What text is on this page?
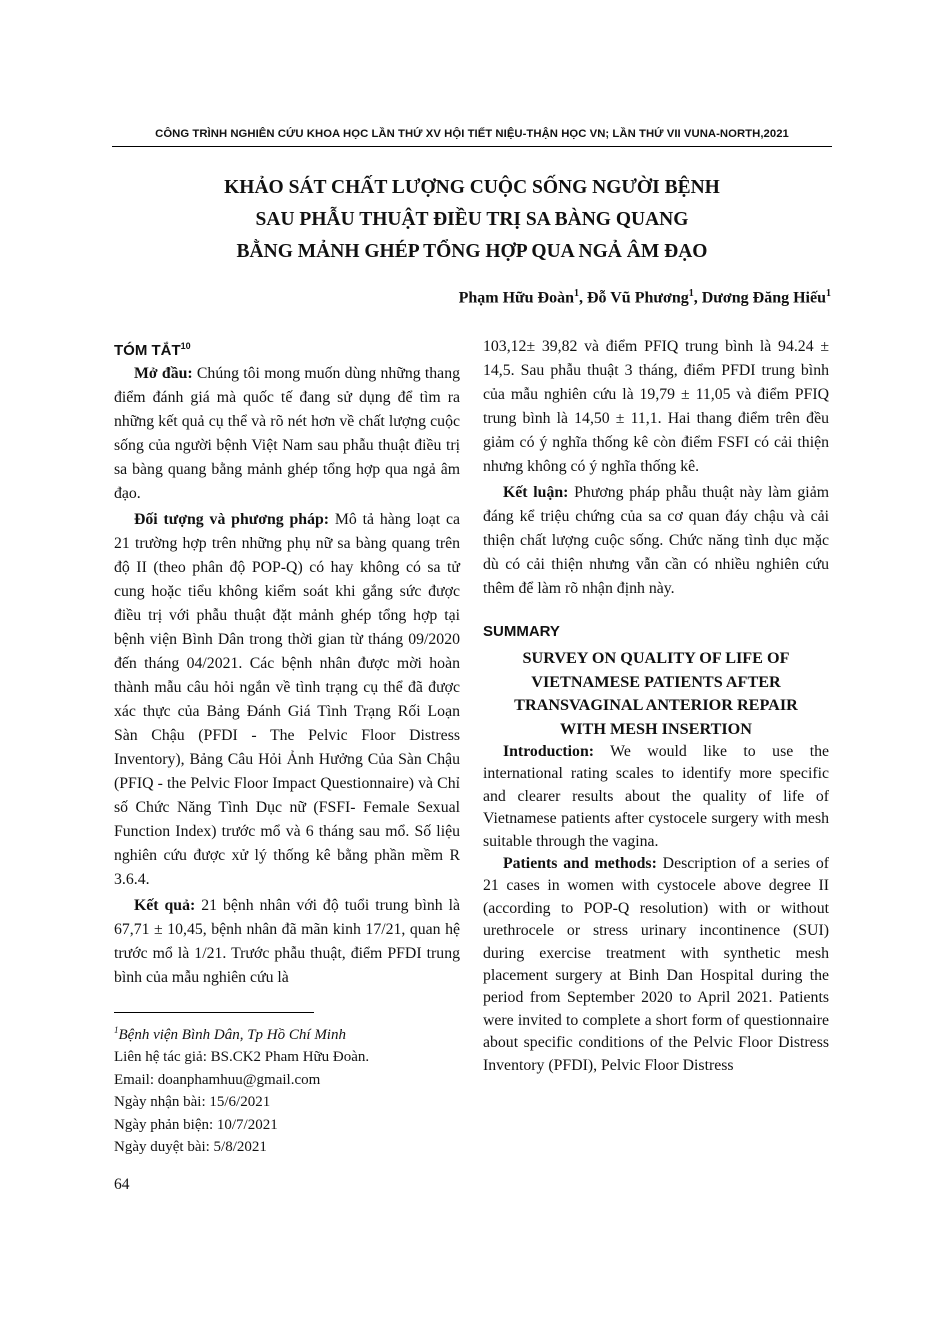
CÔNG TRÌNH NGHIÊN CỨU KHOA HỌC LẦN THỨ XV HỘI TIẾT NIỆU-THẬN HỌC VN; LẦN THỨ VII VUNA-NORTH,2021
KHẢO SÁT CHẤT LƯỢNG CUỘC SỐNG NGƯỜI BỆNH
SAU PHẪU THUẬT ĐIỀU TRỊ SA BÀNG QUANG
BẰNG MẢNH GHÉP TỔNG HỢP QUA NGẢ ÂM ĐẠO
Phạm Hữu Đoàn$^1$, Đỗ Vũ Phương$^1$, Dương Đăng Hiếu$^1$

TÓM TẮT$^{10}$

Mở đầu: Chúng tôi mong muốn dùng những thang điểm đánh giá mà quốc tế đang sử dụng để tìm ra những kết quả cụ thể và rõ nét hơn về chất lượng cuộc sống của người bệnh Việt Nam sau phẫu thuật điều trị sa bàng quang bằng mảnh ghép tổng hợp qua ngả âm đạo.

Đối tượng và phương pháp: Mô tả hàng loạt ca 21 trường hợp trên những phụ nữ sa bàng quang trên độ II (theo phân độ POP-Q) có hay không có sa tử cung hoặc tiểu không kiểm soát khi gắng sức được điều trị với phẫu thuật đặt mảnh ghép tổng hợp tại bệnh viện Bình Dân trong thời gian từ tháng 09/2020 đến tháng 04/2021. Các bệnh nhân được mời hoàn thành mẫu câu hỏi ngắn về tình trạng cụ thể đã được xác thực của Bảng Đánh Giá Tình Trạng Rối Loạn Sàn Chậu (PFDI - The Pelvic Floor Distress Inventory), Bảng Câu Hỏi Ảnh Hưởng Của Sàn Chậu (PFIQ - the Pelvic Floor Impact Questionnaire) và Chỉ số Chức Năng Tình Dục nữ (FSFI- Female Sexual Function Index) trước mổ và 6 tháng sau mổ. Số liệu nghiên cứu được xử lý thống kê bằng phần mềm R 3.6.4.

Kết quả: 21 bệnh nhân với độ tuổi trung bình là 67,71 ± 10,45, bệnh nhân đã mãn kinh 17/21, quan hệ trước mổ là 1/21. Trước phẫu thuật, điểm PFDI trung bình của mẫu nghiên cứu là

$^1$Bệnh viện Bình Dân, Tp Hồ Chí Minh
Liên hệ tác giả: BS.CK2 Pham Hữu Đoàn.
Email: doanphamhuu@gmail.com
Ngày nhận bài: 15/6/2021
Ngày phản biện: 10/7/2021
Ngày duyệt bài: 5/8/2021

103,12± 39,82 và điểm PFIQ trung bình là 94.24 ± 14,5. Sau phẫu thuật 3 tháng, điểm PFDI trung bình của mẫu nghiên cứu là 19,79 ± 11,05 và điểm PFIQ trung bình là 14,50 ± 11,1. Hai thang điểm trên đều giảm có ý nghĩa thống kê còn điểm FSFI có cải thiện nhưng không có ý nghĩa thống kê.

Kết luận: Phương pháp phẫu thuật này làm giảm đáng kể triệu chứng của sa cơ quan đáy chậu và cải thiện chất lượng cuộc sống. Chức năng tình dục mặc dù có cải thiện nhưng vẫn cần có nhiều nghiên cứu thêm để làm rõ nhận định này.

SUMMARY

SURVEY ON QUALITY OF LIFE OF
VIETNAMESE PATIENTS AFTER
TRANSVAGINAL ANTERIOR REPAIR
WITH MESH INSERTION

Introduction: We would like to use the international rating scales to identify more specific and clearer results about the quality of life of Vietnamese patients after cystocele surgery with mesh suitable through the vagina.

Patients and methods: Description of a series of 21 cases in women with cystocele above degree II (according to POP-Q resolution) with or without urethrocele or stress urinary incontinence (SUI) during exercise treatment with synthetic mesh placement surgery at Binh Dan Hospital during the period from September 2020 to April 2021. Patients were invited to complete a short form of questionnaire about specific conditions of the Pelvic Floor Distress Inventory (PFDI), Pelvic Floor Distress

64
